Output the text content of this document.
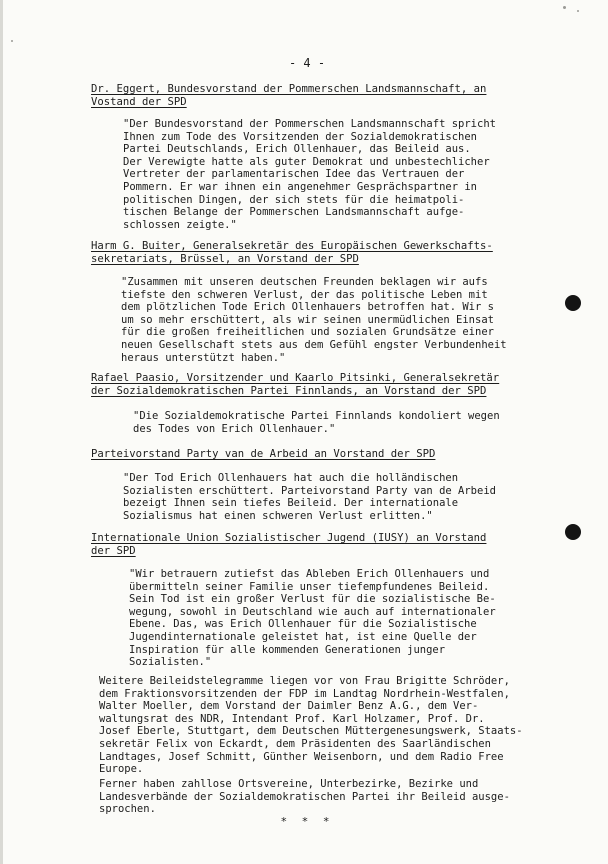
- 4 -
Dr. Eggert, Bundesvorstand der Pommerschen Landsmannschaft, an
Vostand der SPD
"Der Bundesvorstand der Pommerschen Landsmannschaft spricht
Ihnen zum Tode des Vorsitzenden der Sozialdemokratischen
Partei Deutschlands, Erich Ollenhauer, das Beileid aus.
Der Verewigte hatte als guter Demokrat und unbestechlicher
Vertreter der parlamentarischen Idee das Vertrauen der
Pommern. Er war ihnen ein angenehmer Gesprächspartner in
politischen Dingen, der sich stets für die heimatpoli-
tischen Belange der Pommerschen Landsmannschaft aufge-
schlossen zeigte."
Harm G. Buiter, Generalsekretär des Europäischen Gewerkschafts-
sekretariats, Brüssel, an Vorstand der SPD
"Zusammen mit unseren deutschen Freunden beklagen wir aufs
tiefste den schweren Verlust, der das politische Leben mit
dem plötzlichen Tode Erich Ollenhauers betroffen hat. Wir s
um so mehr erschüttert, als wir seinen unermüdlichen Einsat
für die großen freiheitlichen und sozialen Grundsätze einer
neuen Gesellschaft stets aus dem Gefühl engster Verbundenheit
heraus unterstützt haben."
Rafael Paasio, Vorsitzender und Kaarlo Pitsinki, Generalsekretär
der Sozialdemokratischen Partei Finnlands, an Vorstand der SPD
"Die Sozialdemokratische Partei Finnlands kondoliert wegen
des Todes von Erich Ollenhauer."
Parteivorstand Party van de Arbeid an Vorstand der SPD
"Der Tod Erich Ollenhauers hat auch die holländischen
Sozialisten erschüttert. Parteivorstand Party van de Arbeid
bezeigt Ihnen sein tiefes Beileid. Der internationale
Sozialismus hat einen schweren Verlust erlitten."
Internationale Union Sozialistischer Jugend (IUSY) an Vorstand
der SPD
"Wir betrauern zutiefst das Ableben Erich Ollenhauers und
übermitteln seiner Familie unser tiefempfundenes Beileid.
Sein Tod ist ein großer Verlust für die sozialistische Be-
wegung, sowohl in Deutschland wie auch auf internationaler
Ebene. Das, was Erich Ollenhauer für die Sozialistische
Jugendinternationale geleistet hat, ist eine Quelle der
Inspiration für alle kommenden Generationen junger
Sozialisten."
Weitere Beileidstelegramme liegen vor von Frau Brigitte Schröder,
dem Fraktionsvorsitzenden der FDP im Landtag Nordrhein-Westfalen,
Walter Moeller, dem Vorstand der Daimler Benz A.G., dem Ver-
waltungsrat des NDR, Intendant Prof. Karl Holzamer, Prof. Dr.
Josef Eberle, Stuttgart, dem Deutschen Müttergenesungswerk, Staats-
sekretär Felix von Eckardt, dem Präsidenten des Saarländischen
Landtages, Josef Schmitt, Günther Weisenborn, und dem Radio Free
Europe.
Ferner haben zahllose Ortsvereine, Unterbezirke, Bezirke und
Landesverbände der Sozialdemokratischen Partei ihr Beileid ausge-
sprochen.
* * *
